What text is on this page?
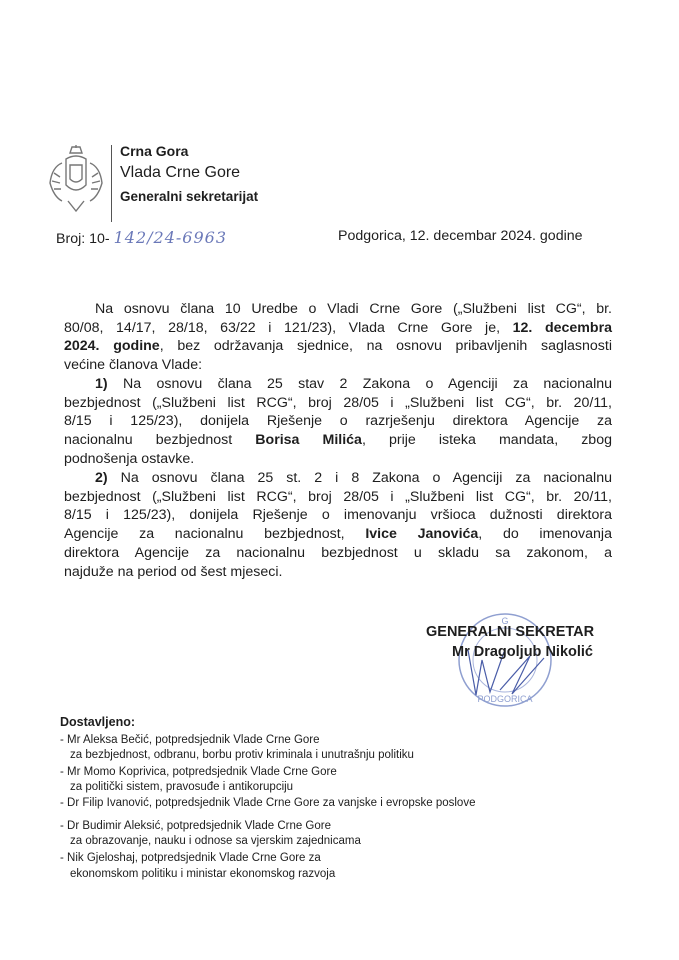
Crna Gora
Vlada Crne Gore
Generalni sekretarijat
Broj: 10- 142/24-6963	Podgorica, 12. decembar 2024. godine
Na osnovu člana 10 Uredbe o Vladi Crne Gore („Službeni list CG“, br.
80/08, 14/17, 28/18, 63/22 i 121/23), Vlada Crne Gore je, 12. decembra
2024. godine, bez održavanja sjednice, na osnovu pribavljenih saglasnosti
većine članova Vlade:
1) Na osnovu člana 25 stav 2 Zakona o Agenciji za nacionalnu
bezbjednost („Službeni list RCG“, broj 28/05 i „Službeni list CG“, br. 20/11,
8/15 i 125/23), donijela Rješenje o razrješenju direktora Agencije za
nacionalnu bezbjednost Borisa Milića, prije isteka mandata, zbog
podnošenja ostavke.
2) Na osnovu člana 25 st. 2 i 8 Zakona o Agenciji za nacionalnu
bezbjednost („Službeni list RCG“, broj 28/05 i „Službeni list CG“, br. 20/11,
8/15 i 125/23), donijela Rješenje o imenovanju vršioca dužnosti direktora
Agencije za nacionalnu bezbjednost, Ivice Janovića, do imenovanja
direktora Agencije za nacionalnu bezbjednost u skladu sa zakonom, a
najduže na period od šest mjeseci.
PODGORICA
G
GENERALNI SEKRETAR
Mr Dragoljub Nikolić
Dostavljeno:
- Mr Aleksa Bečić, potpredsjednik Vlade Crne Gore
za bezbjednost, odbranu, borbu protiv kriminala i unutrašnju politiku
- Mr Momo Koprivica, potpredsjednik Vlade Crne Gore
za politički sistem, pravosuđe i antikorupciju
- Dr Filip Ivanović, potpredsjednik Vlade Crne Gore za vanjske i evropske poslove
- Dr Budimir Aleksić, potpredsjednik Vlade Crne Gore
za obrazovanje, nauku i odnose sa vjerskim zajednicama
- Nik Gjeloshaj, potpredsjednik Vlade Crne Gore za
ekonomskom politiku i ministar ekonomskog razvoja
